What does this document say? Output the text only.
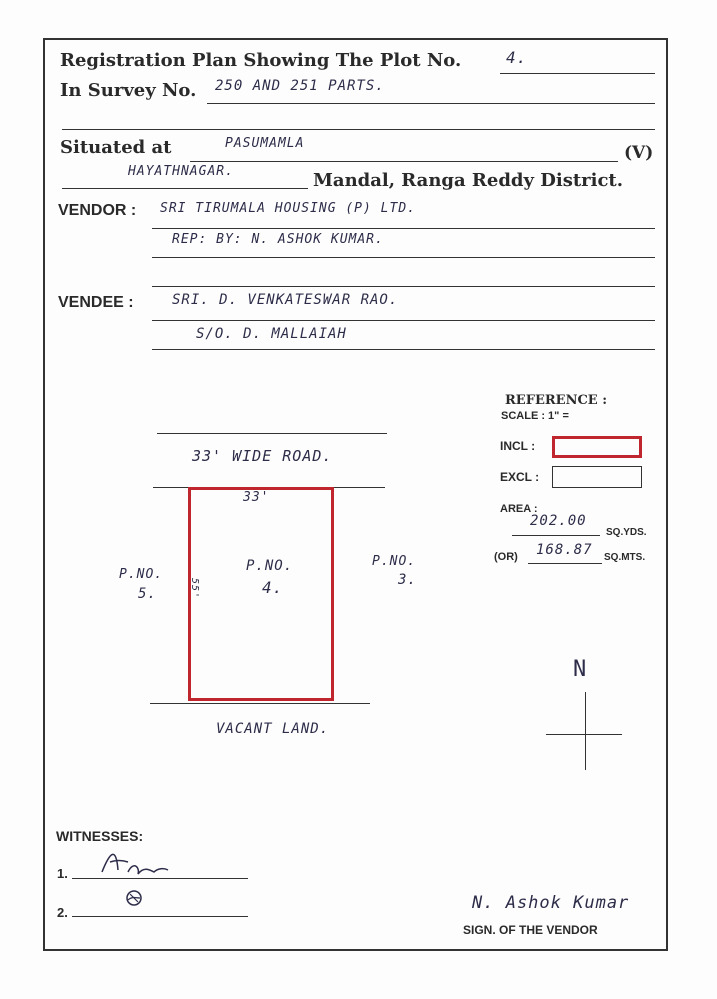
Registration Plan Showing The Plot No.	4.
In Survey No. 250 AND 251 PARTS.
Situated at	PASUMAMLA	(V)
HAYATHNAGAR.	Mandal, Ranga Reddy District.
VENDOR : SRI TIRUMALA HOUSING (P) LTD.
REP: BY: N. ASHOK KUMAR.
VENDEE :	SRI. D. VENKATESWAR RAO.
S/O. D. MALLAIAH
REFERENCE :
SCALE : 1" =
INCL :
EXCL :
AREA :
202.00
SQ.YDS.
(OR) 168.87 SQ.MTS.
33' WIDE ROAD.
33'
55'
P.NO.
4.
P.NO.
5.
P.NO.
3.
VACANT LAND.
N
WITNESSES:
1.
2.	N. Ashok Kumar
SIGN. OF THE VENDOR
